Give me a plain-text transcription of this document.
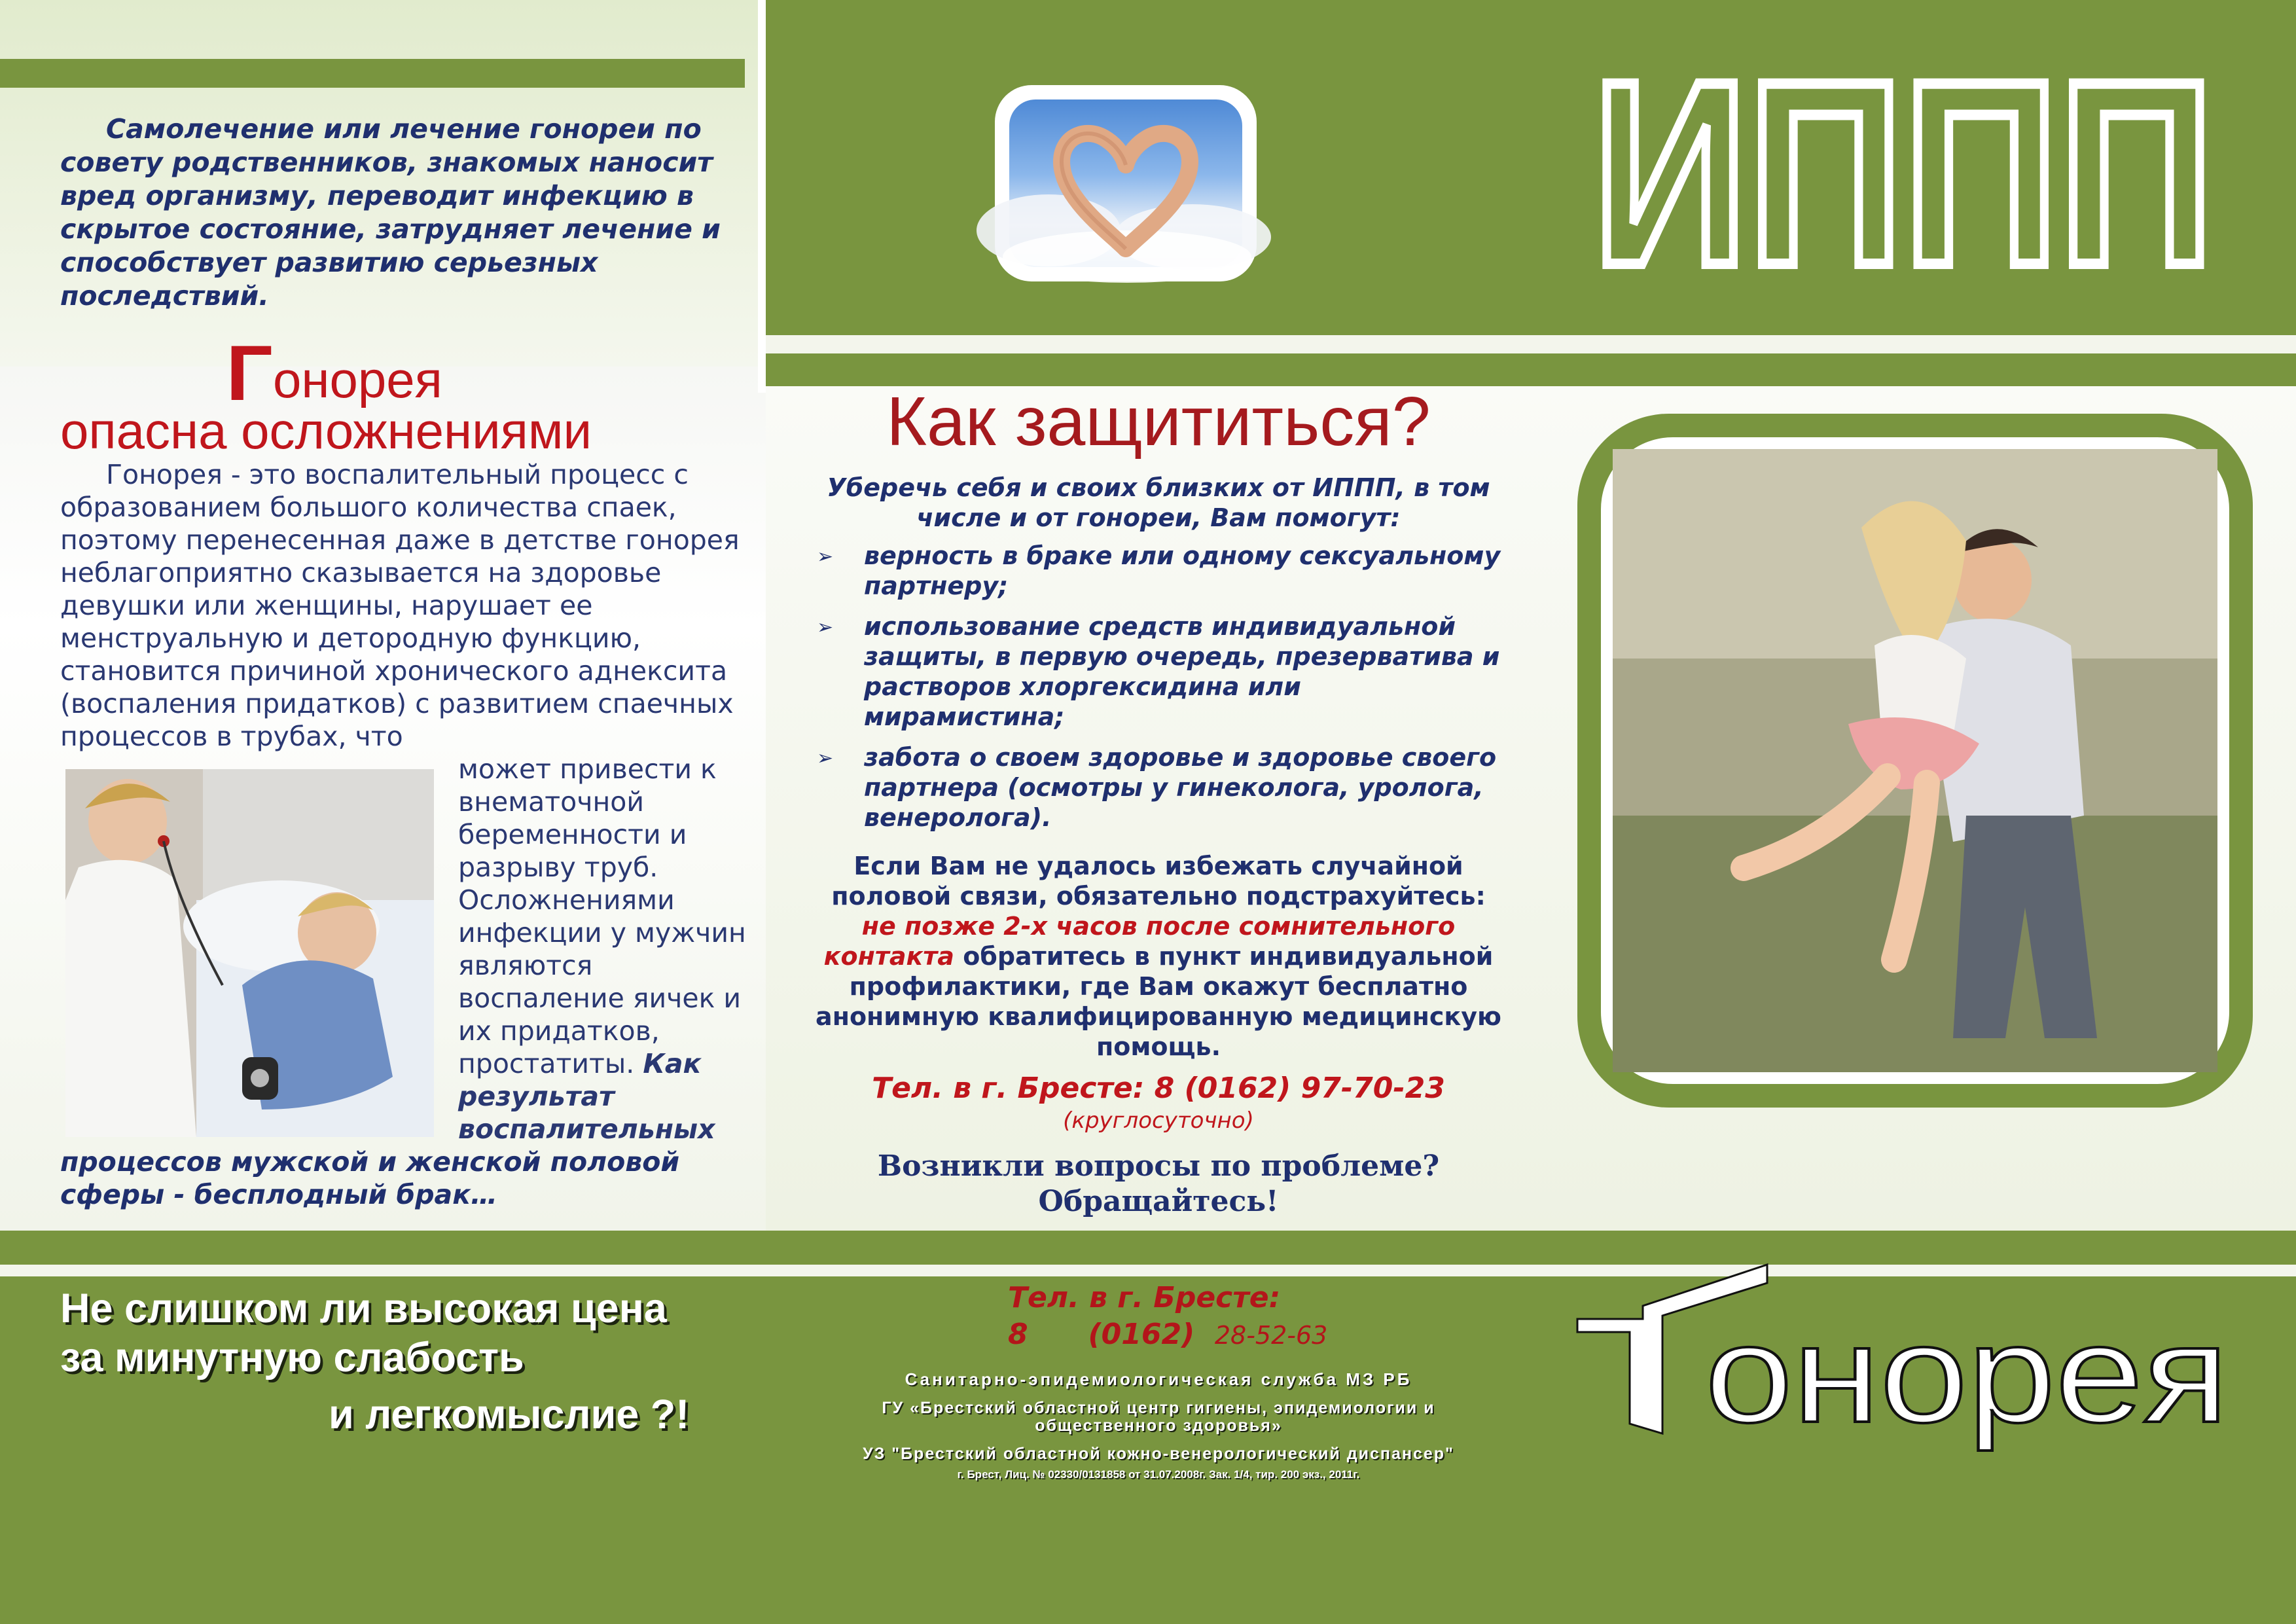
ИППП
Самолечение или лечение гонореи по совету родственников, знакомых наносит вред организму, переводит инфекцию в скрытое состояние, затрудняет лечение и способствует развитию серьезных последствий.
Г онорея
опасна осложнениями
Гонорея - это воспалительный процесс с образованием большого количества спаек, поэтому перенесенная даже в детстве гонорея неблагоприятно сказывается на здоровье девушки или женщины, нарушает ее менструальную и детородную функцию, становится причиной хронического аднексита (воспаления придатков) с развитием спаечных процессов в трубах, что
может привести к внематочной беременности и разрыву труб. Осложнениями инфекции у мужчин являются воспаление яичек и их придатков, простатиты. Как результат воспалительных
процессов мужской и женской половой сферы - бесплодный брак…
Как защититься?
Уберечь себя и своих близких от ИППП, в том числе и от гонореи, Вам помогут:
➢ верность в браке или одному сексуальному партнеру;
➢ использование средств индивидуальной защиты, в первую очередь, презерватива и растворов хлоргексидина или мирамистина;
➢ забота о своем здоровье и здоровье своего партнера (осмотры у гинеколога, уролога, венеролога).
Если Вам не удалось избежать случайной половой связи, обязательно подстрахуйтесь: не позже 2-х часов после сомнительного контакта обратитесь в пункт индивидуальной профилактики, где Вам окажут бесплатно анонимную квалифицированную медицинскую помощь.
Тел. в г. Бресте: 8 (0162) 97-70-23
(круглосуточно)
Возникли вопросы по проблеме?
Обращайтесь!
Не слишком ли высокая цена
за минутную слабость
и легкомыслие ?!
Тел. в г. Бресте:
8      (0162) 28-52-63
Санитарно-эпидемиологическая служба МЗ РБ
ГУ «Брестский областной центр гигиены, эпидемиологии и общественного здоровья»
УЗ "Брестский областной кожно-венерологический диспансер"
г. Брест, Лиц. № 02330/0131858 от 31.07.2008г. Зак. 1/4, тир. 200 экз., 2011г.
онорея
